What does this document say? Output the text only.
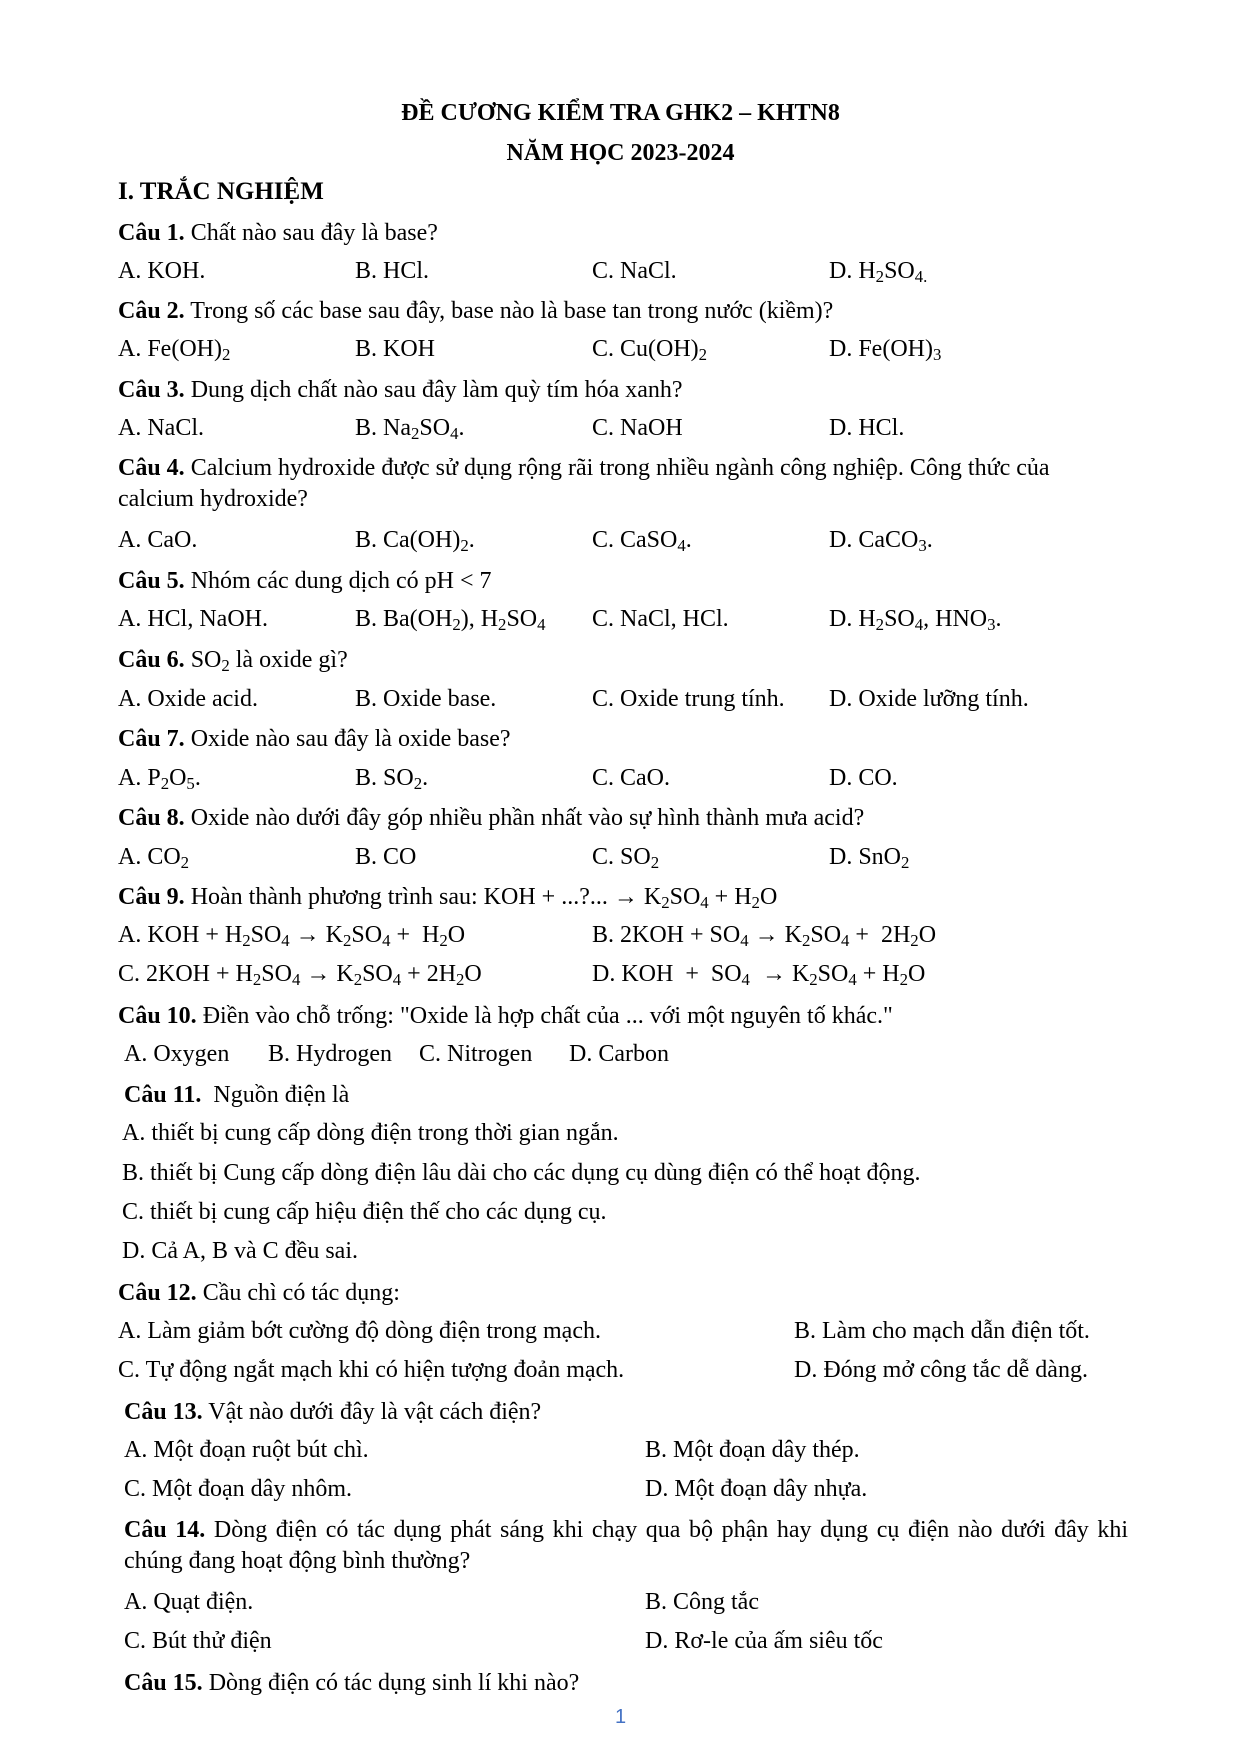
ĐỀ CƯƠNG KIỂM TRA GHK2 – KHTN8
NĂM HỌC 2023-2024
I. TRẮC NGHIỆM
Câu 1. Chất nào sau đây là base?
A. KOH.	B. HCl.	C. NaCl.	D. $H_2SO_{4.}$
Câu 2. Trong số các base sau đây, base nào là base tan trong nước (kiềm)?
A. $Fe(OH)_2$	B. KOH	C. $Cu(OH)_2$	D. $Fe(OH)_3$
Câu 3. Dung dịch chất nào sau đây làm quỳ tím hóa xanh?
A. NaCl.	B. $Na_2SO_4$.	C. NaOH	D. HCl.
Câu 4. Calcium hydroxide được sử dụng rộng rãi trong nhiều ngành công nghiệp. Công thức của calcium hydroxide?
A. CaO.	B. $Ca(OH)_2$.	C. CaSO$_4$.	D. CaCO$_3$.
Câu 5. Nhóm các dung dịch có pH < 7
A. HCl, NaOH.	B. $Ba(OH_2)$, $H_2SO_4$ C. NaCl, HCl.	D. $H_2SO_4$, $HNO_3$.
Câu 6. $SO_2$ là oxide gì?
A. Oxide acid.	B. Oxide base.	C. Oxide trung tính. D. Oxide lưỡng tính.
Câu 7. Oxide nào sau đây là oxide base?
A. $P_2O_5$.	B. $SO_2$.	C. CaO.	D. CO.
Câu 8. Oxide nào dưới đây góp nhiều phần nhất vào sự hình thành mưa acid?
A. $CO_2$	B. CO	C. $SO_2$	D. SnO$_2$
Câu 9. Hoàn thành phương trình sau: KOH + ...?... → $K_2SO_4 + H_2O$
A. KOH + $H_2SO_4 \to K_2SO_4 + H_2O$	B. $2KOH + SO_4 \to K_2SO_4 + 2H_2O$
C. $2KOH + H_2SO_4 \to K_2SO_4 + 2H_2O$	D. KOH  +  $SO_4 \to K_2SO_4 + H_2O$
Câu 10. Điền vào chỗ trống: "Oxide là hợp chất của ... với một nguyên tố khác."
A. Oxygen B. Hydrogen C. Nitrogen D. Carbon
Câu 11. Nguồn điện là
A. thiết bị cung cấp dòng điện trong thời gian ngắn.
B. thiết bị Cung cấp dòng điện lâu dài cho các dụng cụ dùng điện có thể hoạt động.
C. thiết bị cung cấp hiệu điện thế cho các dụng cụ.
D. Cả A, B và C đều sai.
Câu 12. Cầu chì có tác dụng:
A. Làm giảm bớt cường độ dòng điện trong mạch.	B. Làm cho mạch dẫn điện tốt.
C. Tự động ngắt mạch khi có hiện tượng đoản mạch.	D. Đóng mở công tắc dễ dàng.
Câu 13. Vật nào dưới đây là vật cách điện?
A. Một đoạn ruột bút chì.	B. Một đoạn dây thép.
C. Một đoạn dây nhôm.	D. Một đoạn dây nhựa.
Câu 14. Dòng điện có tác dụng phát sáng khi chạy qua bộ phận hay dụng cụ điện nào dưới đây khi chúng đang hoạt động bình thường?
A. Quạt điện.	B. Công tắc
C. Bút thử điện	D. Rơ-le của ấm siêu tốc
Câu 15. Dòng điện có tác dụng sinh lí khi nào?
1
